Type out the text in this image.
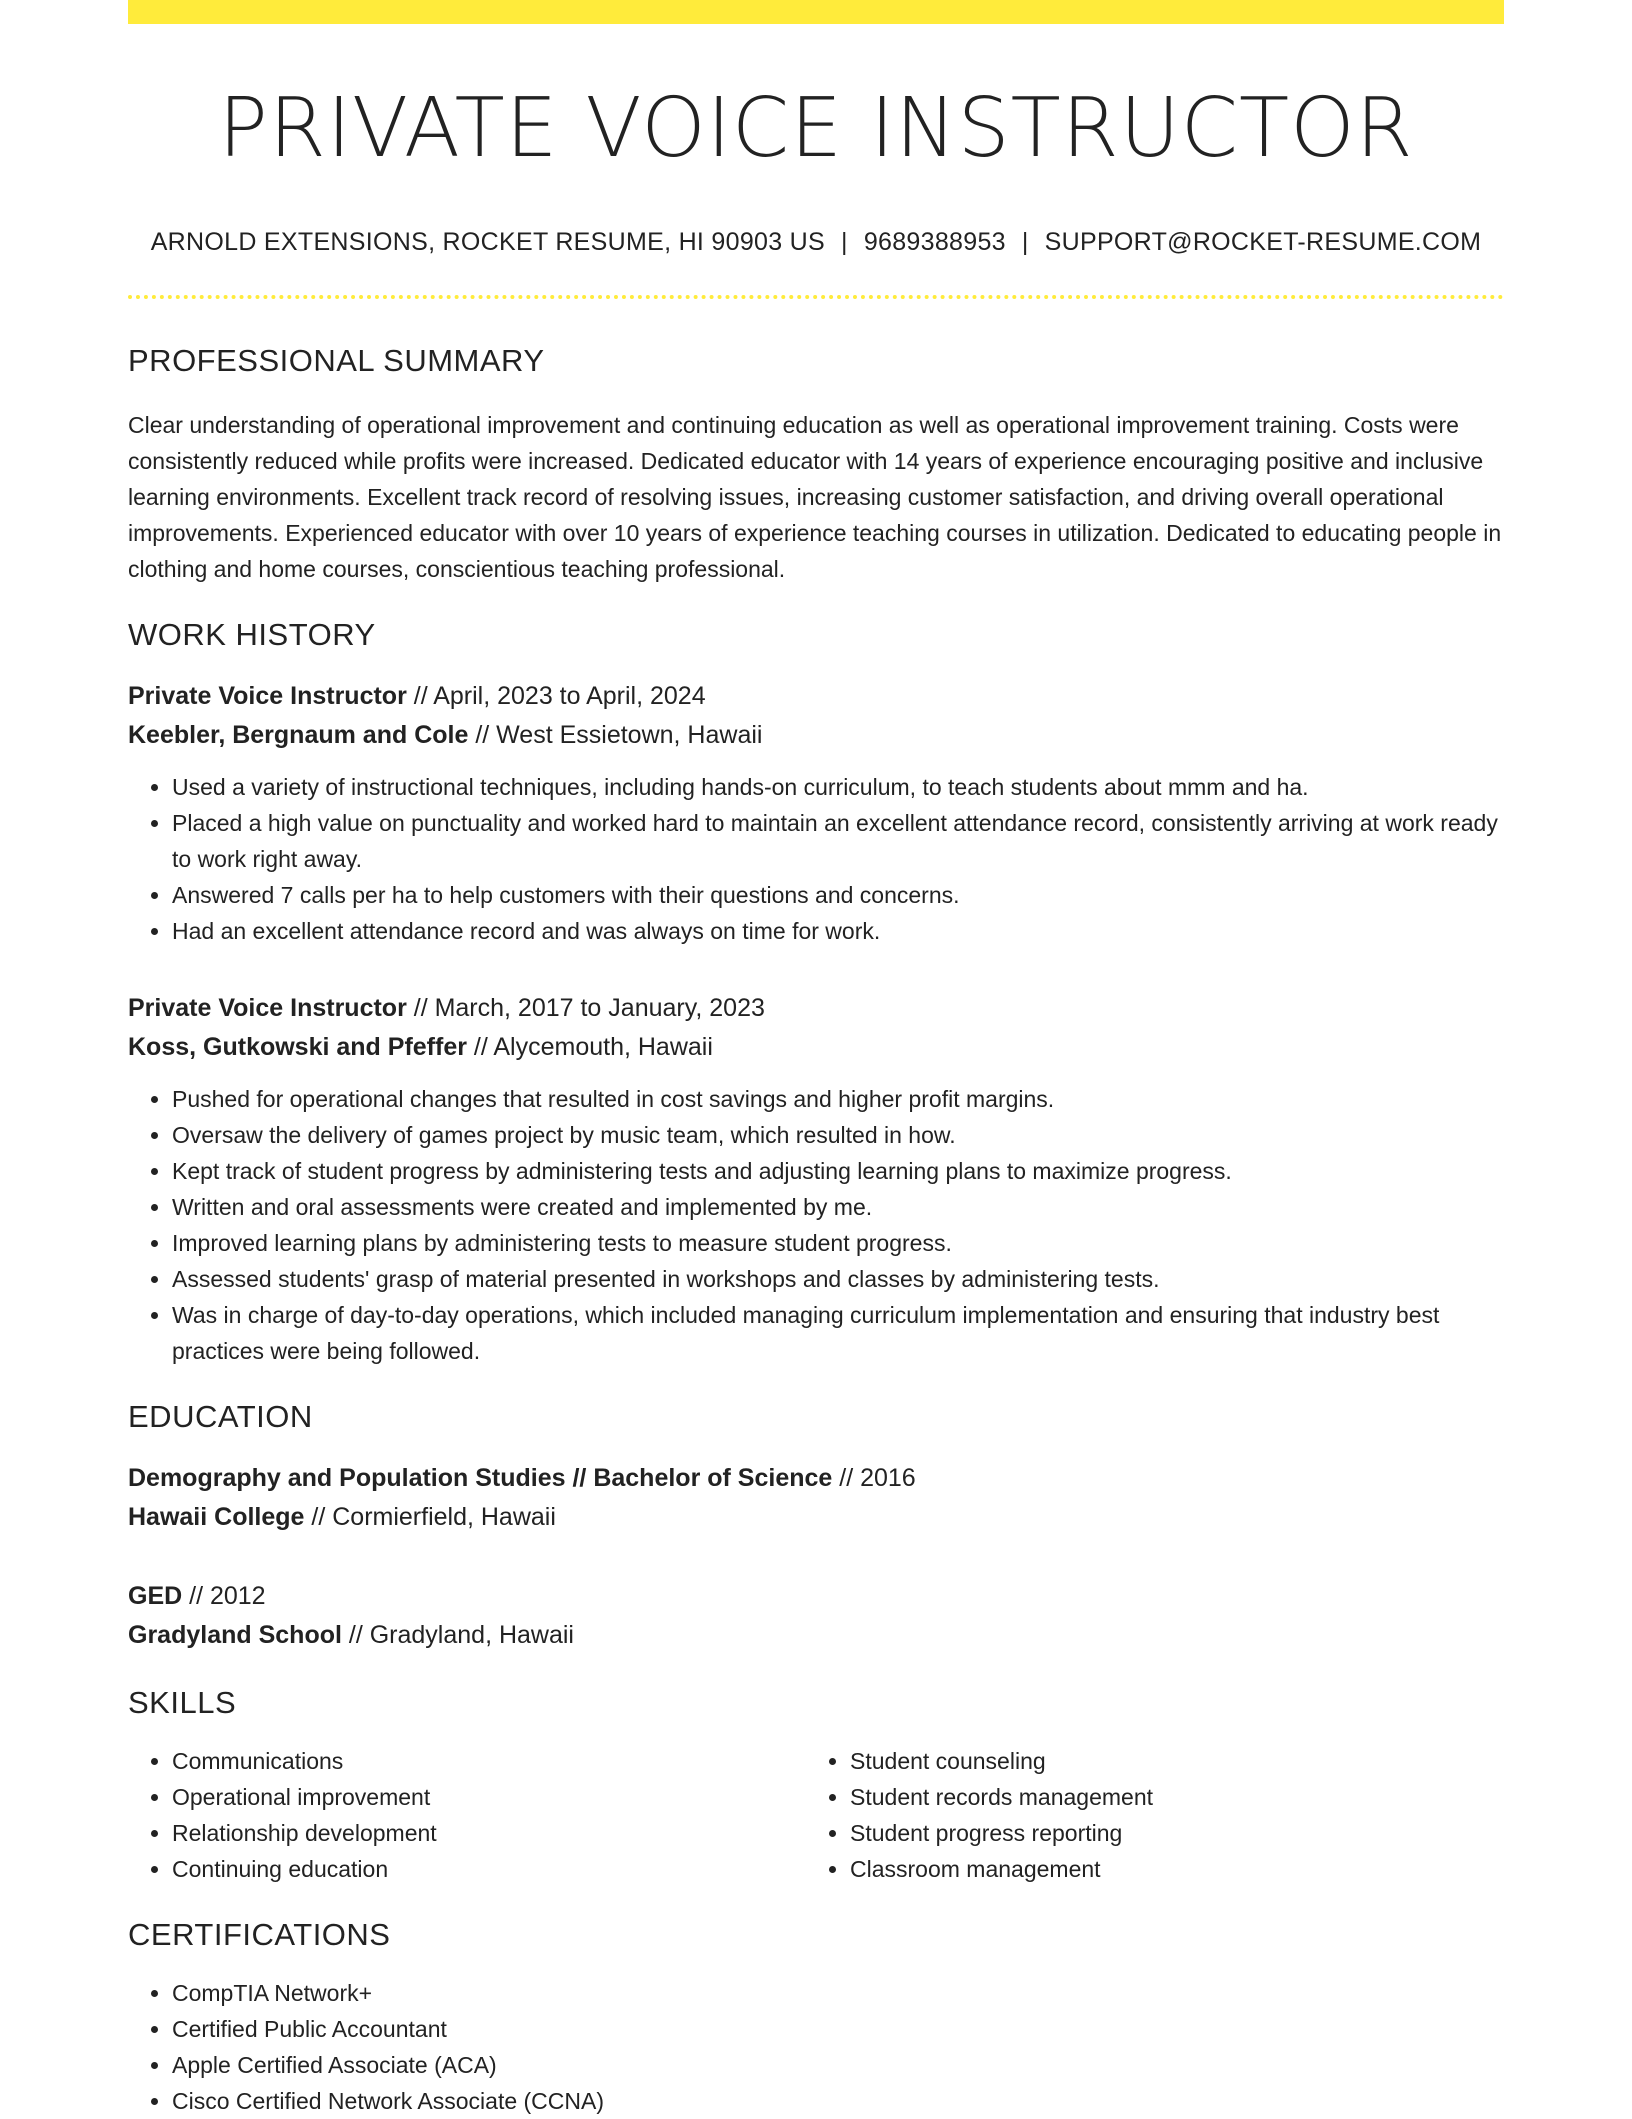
PRIVATE VOICE INSTRUCTOR
ARNOLD EXTENSIONS, ROCKET RESUME, HI 90903 US | 9689388953 | SUPPORT@ROCKET-RESUME.COM
PROFESSIONAL SUMMARY
Clear understanding of operational improvement and continuing education as well as operational improvement training. Costs were consistently reduced while profits were increased. Dedicated educator with 14 years of experience encouraging positive and inclusive learning environments. Excellent track record of resolving issues, increasing customer satisfaction, and driving overall operational improvements. Experienced educator with over 10 years of experience teaching courses in utilization. Dedicated to educating people in clothing and home courses, conscientious teaching professional.
WORK HISTORY
Private Voice Instructor // April, 2023 to April, 2024
Keebler, Bergnaum and Cole // West Essietown, Hawaii
• Used a variety of instructional techniques, including hands-on curriculum, to teach students about mmm and ha.
• Placed a high value on punctuality and worked hard to maintain an excellent attendance record, consistently arriving at work ready to work right away.
• Answered 7 calls per ha to help customers with their questions and concerns.
• Had an excellent attendance record and was always on time for work.
Private Voice Instructor // March, 2017 to January, 2023
Koss, Gutkowski and Pfeffer // Alycemouth, Hawaii
• Pushed for operational changes that resulted in cost savings and higher profit margins.
• Oversaw the delivery of games project by music team, which resulted in how.
• Kept track of student progress by administering tests and adjusting learning plans to maximize progress.
• Written and oral assessments were created and implemented by me.
• Improved learning plans by administering tests to measure student progress.
• Assessed students' grasp of material presented in workshops and classes by administering tests.
• Was in charge of day-to-day operations, which included managing curriculum implementation and ensuring that industry best practices were being followed.
EDUCATION
Demography and Population Studies // Bachelor of Science // 2016
Hawaii College // Cormierfield, Hawaii
GED // 2012
Gradyland School // Gradyland, Hawaii
SKILLS
• Communications
• Operational improvement
• Relationship development
• Continuing education
• Student counseling
• Student records management
• Student progress reporting
• Classroom management
CERTIFICATIONS
• CompTIA Network+
• Certified Public Accountant
• Apple Certified Associate (ACA)
• Cisco Certified Network Associate (CCNA)
